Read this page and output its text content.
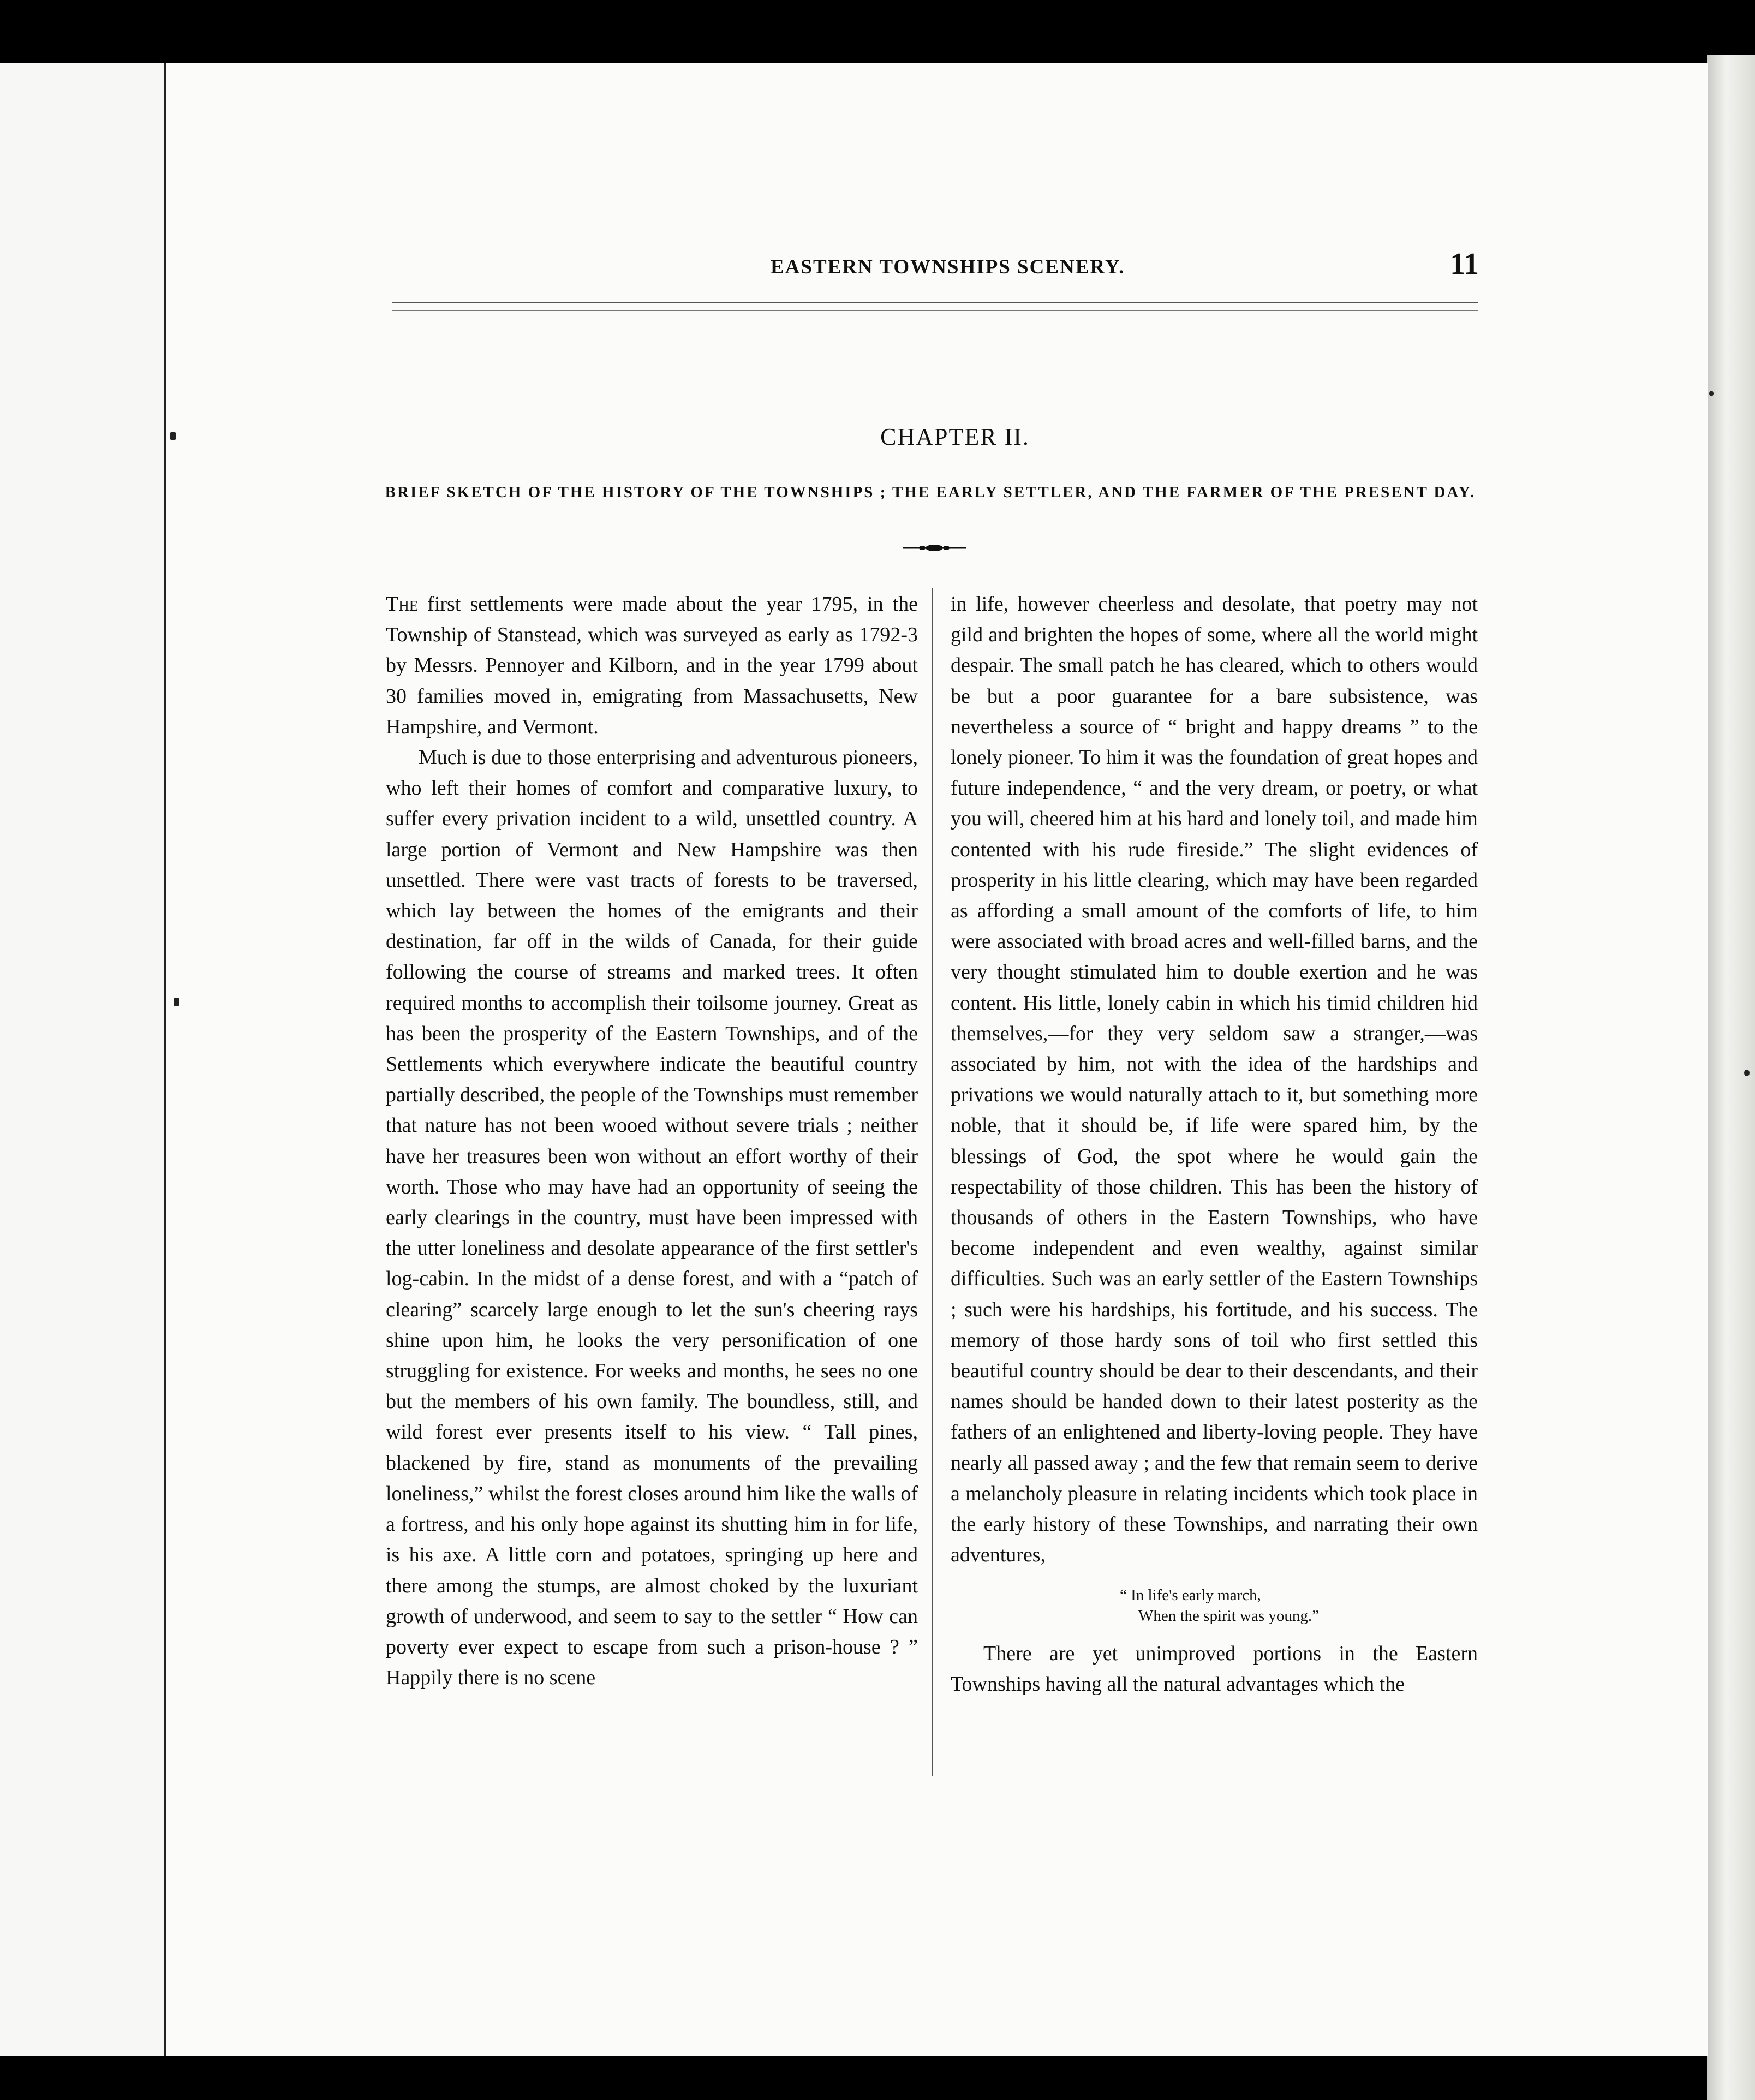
EASTERN TOWNSHIPS SCENERY.	11
CHAPTER II.
BRIEF SKETCH OF THE HISTORY OF THE TOWNSHIPS ; THE EARLY SETTLER, AND THE FARMER OF THE PRESENT DAY.

The first settlements were made about the year 1795, in the Township of Stanstead, which was surveyed as early as 1792-3 by Messrs. Pennoyer and Kilborn, and in the year 1799 about 30 families moved in, emigrating from Massachusetts, New Hampshire, and Vermont.

Much is due to those enterprising and adventurous pioneers, who left their homes of comfort and comparative luxury, to suffer every privation incident to a wild, unsettled country. A large portion of Vermont and New Hampshire was then unsettled. There were vast tracts of forests to be traversed, which lay between the homes of the emigrants and their destination, far off in the wilds of Canada, for their guide following the course of streams and marked trees. It often required months to accomplish their toilsome journey. Great as has been the prosperity of the Eastern Townships, and of the Settlements which everywhere indicate the beautiful country partially described, the people of the Townships must remember that nature has not been wooed without severe trials ; neither have her treasures been won without an effort worthy of their worth. Those who may have had an opportunity of seeing the early clearings in the country, must have been impressed with the utter loneliness and desolate appearance of the first settler's log-cabin. In the midst of a dense forest, and with a “patch of clearing” scarcely large enough to let the sun's cheering rays shine upon him, he looks the very personification of one struggling for existence. For weeks and months, he sees no one but the members of his own family. The boundless, still, and wild forest ever presents itself to his view. “ Tall pines, blackened by fire, stand as monuments of the prevailing loneliness,” whilst the forest closes around him like the walls of a fortress, and his only hope against its shutting him in for life, is his axe. A little corn and potatoes, springing up here and there among the stumps, are almost choked by the luxuriant growth of underwood, and seem to say to the settler “ How can poverty ever expect to escape from such a prison-house ? ” Happily there is no scene

in life, however cheerless and desolate, that poetry may not gild and brighten the hopes of some, where all the world might despair. The small patch he has cleared, which to others would be but a poor guarantee for a bare subsistence, was nevertheless a source of “ bright and happy dreams ” to the lonely pioneer. To him it was the foundation of great hopes and future independence, “ and the very dream, or poetry, or what you will, cheered him at his hard and lonely toil, and made him contented with his rude fireside.” The slight evidences of prosperity in his little clearing, which may have been regarded as affording a small amount of the comforts of life, to him were associated with broad acres and well-filled barns, and the very thought stimulated him to double exertion and he was content. His little, lonely cabin in which his timid children hid themselves,—for they very seldom saw a stranger,—was associated by him, not with the idea of the hardships and privations we would naturally attach to it, but something more noble, that it should be, if life were spared him, by the blessings of God, the spot where he would gain the respectability of those children. This has been the history of thousands of others in the Eastern Townships, who have become independent and even wealthy, against similar difficulties. Such was an early settler of the Eastern Townships ; such were his hardships, his fortitude, and his success. The memory of those hardy sons of toil who first settled this beautiful country should be dear to their descendants, and their names should be handed down to their latest posterity as the fathers of an enlightened and liberty-loving people. They have nearly all passed away ; and the few that remain seem to derive a melancholy pleasure in relating incidents which took place in the early history of these Townships, and narrating their own adventures,

“ In life's early march,
When the spirit was young.”

There are yet unimproved portions in the Eastern Townships having all the natural advantages which the
